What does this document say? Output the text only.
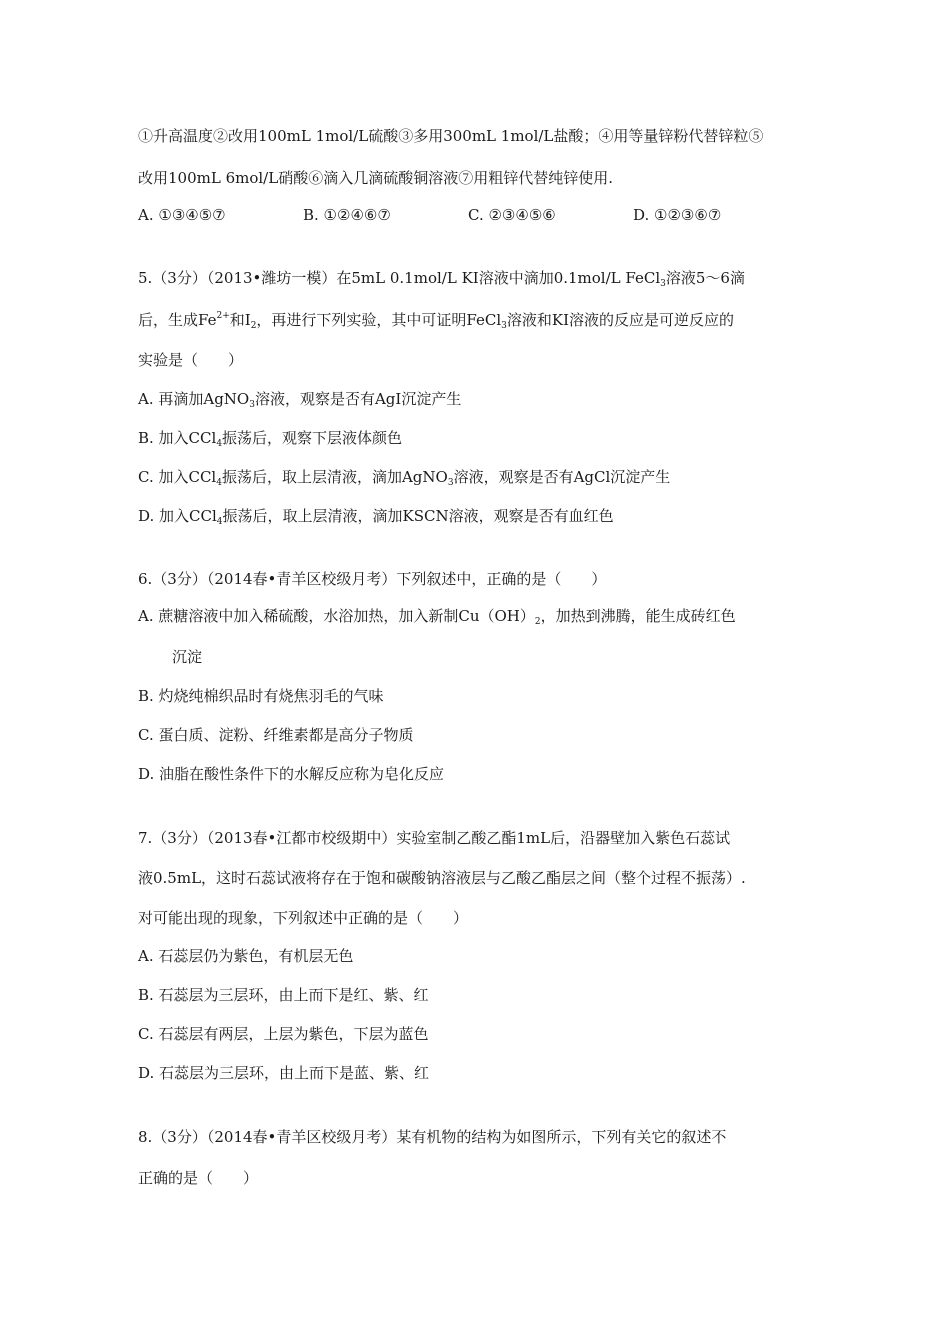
①升高温度②改用100mL 1mol/L硫酸③多用300mL 1mol/L盐酸；④用等量锌粉代替锌粒⑤
改用100mL 6mol/L硝酸⑥滴入几滴硫酸铜溶液⑦用粗锌代替纯锌使用.
A. ①③④⑤⑦	B. ①②④⑥⑦	C. ②③④⑤⑥	D. ①②③⑥⑦
5.（3分）（2013•潍坊一模）在5mL 0.1mol/L KI溶液中滴加0.1mol/L FeCl$_3$溶液5～6滴
后，生成$Fe^{2+}$和$I_2$，再进行下列实验，其中可证明FeCl$_3$溶液和KI溶液的反应是可逆反应的
实验是（　　）
A. 再滴加AgNO$_3$溶液，观察是否有AgI沉淀产生
B. 加入CCl$_4$振荡后，观察下层液体颜色
C. 加入CCl$_4$振荡后，取上层清液，滴加AgNO$_3$溶液，观察是否有AgCl沉淀产生
D. 加入CCl$_4$振荡后，取上层清液，滴加KSCN溶液，观察是否有血红色
6.（3分）（2014春•青羊区校级月考）下列叙述中，正确的是（　　）
A. 蔗糖溶液中加入稀硫酸，水浴加热，加入新制$Cu(OH)_2$，加热到沸腾，能生成砖红色
沉淀
B. 灼烧纯棉织品时有烧焦羽毛的气味
C. 蛋白质、淀粉、纤维素都是高分子物质
D. 油脂在酸性条件下的水解反应称为皂化反应
7.（3分）（2013春•江都市校级期中）实验室制乙酸乙酯1mL后，沿器壁加入紫色石蕊试
液0.5mL，这时石蕊试液将存在于饱和碳酸钠溶液层与乙酸乙酯层之间（整个过程不振荡）.
对可能出现的现象，下列叙述中正确的是（　　）
A. 石蕊层仍为紫色，有机层无色
B. 石蕊层为三层环，由上而下是红、紫、红
C. 石蕊层有两层，上层为紫色，下层为蓝色
D. 石蕊层为三层环，由上而下是蓝、紫、红
8.（3分）（2014春•青羊区校级月考）某有机物的结构为如图所示，下列有关它的叙述不
正确的是（　　）
